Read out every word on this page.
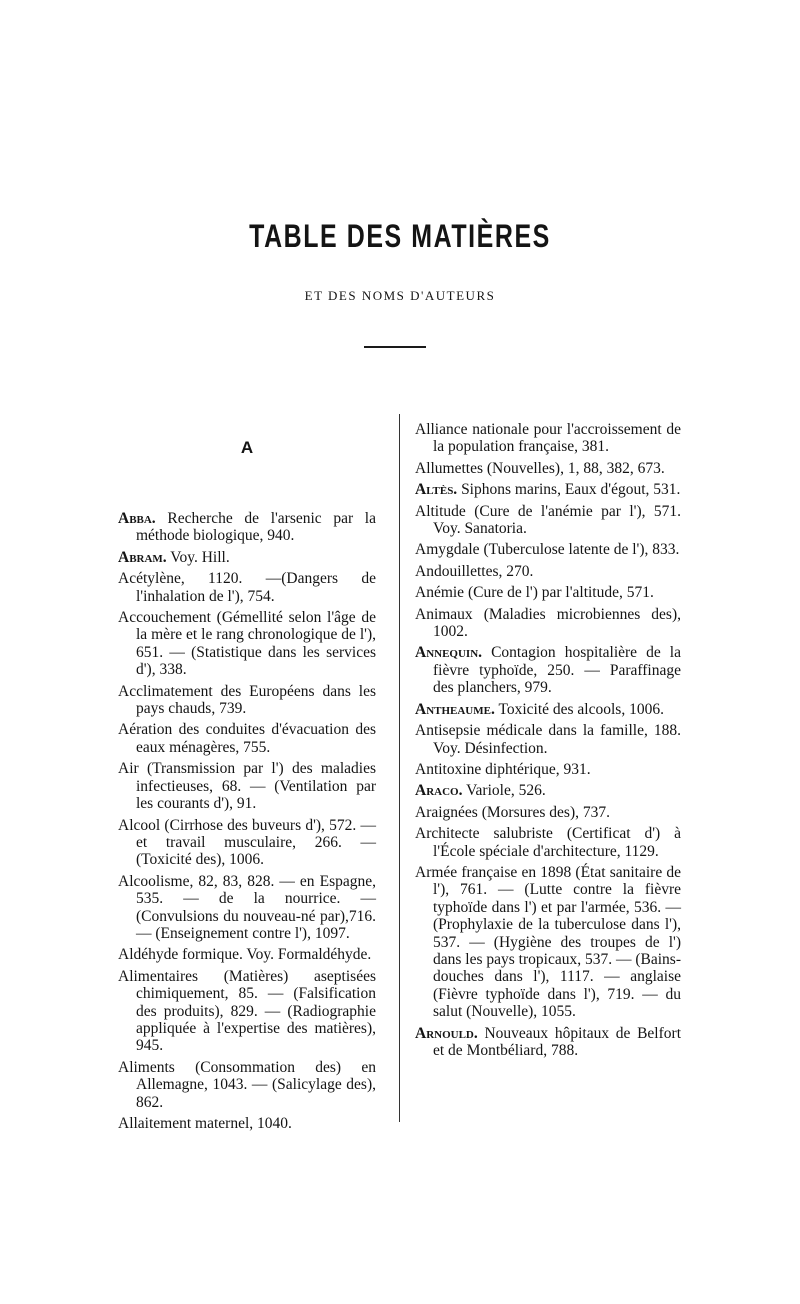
TABLE DES MATIÈRES
ET DES NOMS D'AUTEURS
A
Abba. Recherche de l'arsenic par la méthode biologique, 940.
Abram. Voy. Hill.
Acétylène, 1120. —(Dangers de l'inhalation de l'), 754.
Accouchement (Gémellité selon l'âge de la mère et le rang chronologique de l'), 651. — (Statistique dans les services d'), 338.
Acclimatement des Européens dans les pays chauds, 739.
Aération des conduites d'évacuation des eaux ménagères, 755.
Air (Transmission par l') des maladies infectieuses, 68. — (Ventilation par les courants d'), 91.
Alcool (Cirrhose des buveurs d'), 572. — et travail musculaire, 266. — (Toxicité des), 1006.
Alcoolisme, 82, 83, 828. — en Espagne, 535. — de la nourrice. — (Convulsions du nouveau-né par),716. — (Enseignement contre l'), 1097.
Aldéhyde formique. Voy. Formaldéhyde.
Alimentaires (Matières) aseptisées chimiquement, 85. — (Falsification des produits), 829. — (Radiographie appliquée à l'expertise des matières), 945.
Aliments (Consommation des) en Allemagne, 1043. — (Salicylage des), 862.
Allaitement maternel, 1040.
Alliance nationale pour l'accroissement de la population française, 381.
Allumettes (Nouvelles), 1, 88, 382, 673.
Altès. Siphons marins, Eaux d'égout, 531.
Altitude (Cure de l'anémie par l'), 571. Voy. Sanatoria.
Amygdale (Tuberculose latente de l'), 833.
Andouillettes, 270.
Anémie (Cure de l') par l'altitude, 571.
Animaux (Maladies microbiennes des), 1002.
Annequin. Contagion hospitalière de la fièvre typhoïde, 250. — Paraffinage des planchers, 979.
Antheaume. Toxicité des alcools, 1006.
Antisepsie médicale dans la famille, 188. Voy. Désinfection.
Antitoxine diphtérique, 931.
Araco. Variole, 526.
Araignées (Morsures des), 737.
Architecte salubriste (Certificat d') à l'École spéciale d'architecture, 1129.
Armée française en 1898 (État sanitaire de l'), 761. — (Lutte contre la fièvre typhoïde dans l') et par l'armée, 536. — (Prophylaxie de la tuberculose dans l'), 537. — (Hygiène des troupes de l') dans les pays tropicaux, 537. — (Bains-douches dans l'), 1117. — anglaise (Fièvre typhoïde dans l'), 719. — du salut (Nouvelle), 1055.
Arnould. Nouveaux hôpitaux de Belfort et de Montbéliard, 788.
